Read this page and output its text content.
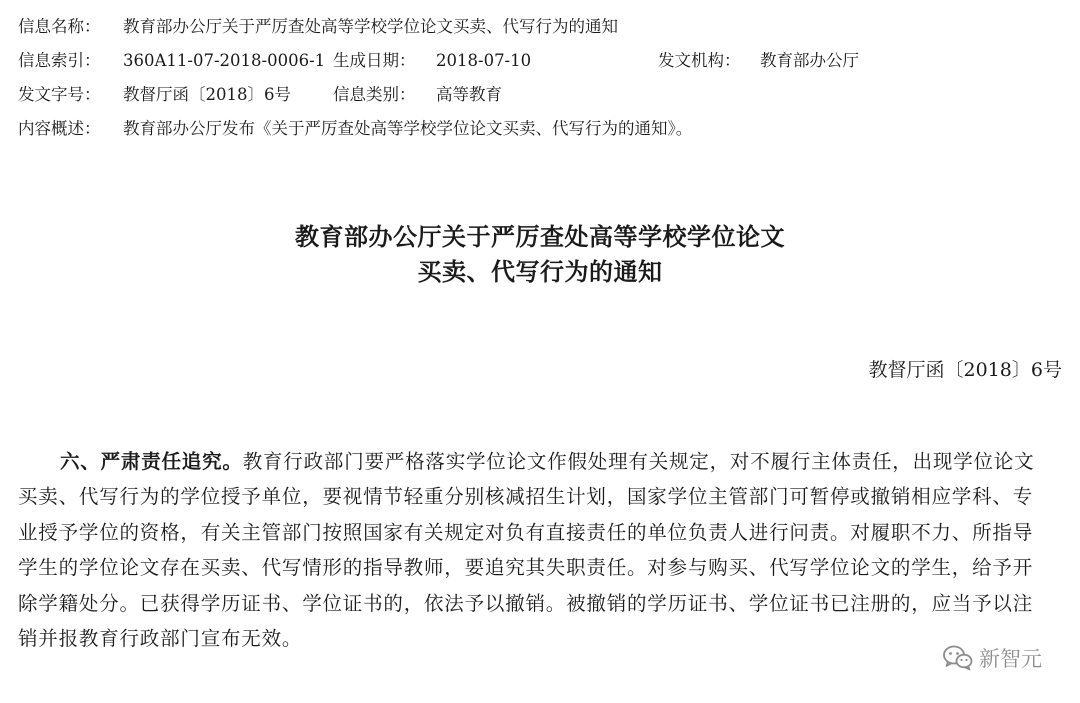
信息名称： 教育部办公厅关于严厉查处高等学校学位论文买卖、代写行为的通知
信息索引： 360A11-07-2018-0006-1 生成日期： 2018-07-10	发文机构： 教育部办公厅
发文字号： 教督厅函〔2018〕6号	信息类别： 高等教育
内容概述： 教育部办公厅发布《关于严厉查处高等学校学位论文买卖、代写行为的通知》。
教育部办公厅关于严厉查处高等学校学位论文
买卖、代写行为的通知
教督厅函〔2018〕6号
六、严肃责任追究。教育行政部门要严格落实学位论文作假处理有关规定，对不履行主体责任，出现学位论文
买卖、代写行为的学位授予单位，要视情节轻重分别核减招生计划，国家学位主管部门可暂停或撤销相应学科、专
业授予学位的资格，有关主管部门按照国家有关规定对负有直接责任的单位负责人进行问责。对履职不力、所指导
学生的学位论文存在买卖、代写情形的指导教师，要追究其失职责任。对参与购买、代写学位论文的学生，给予开
除学籍处分。已获得学历证书、学位证书的，依法予以撤销。被撤销的学历证书、学位证书已注册的，应当予以注
销并报教育行政部门宣布无效。
新智元
